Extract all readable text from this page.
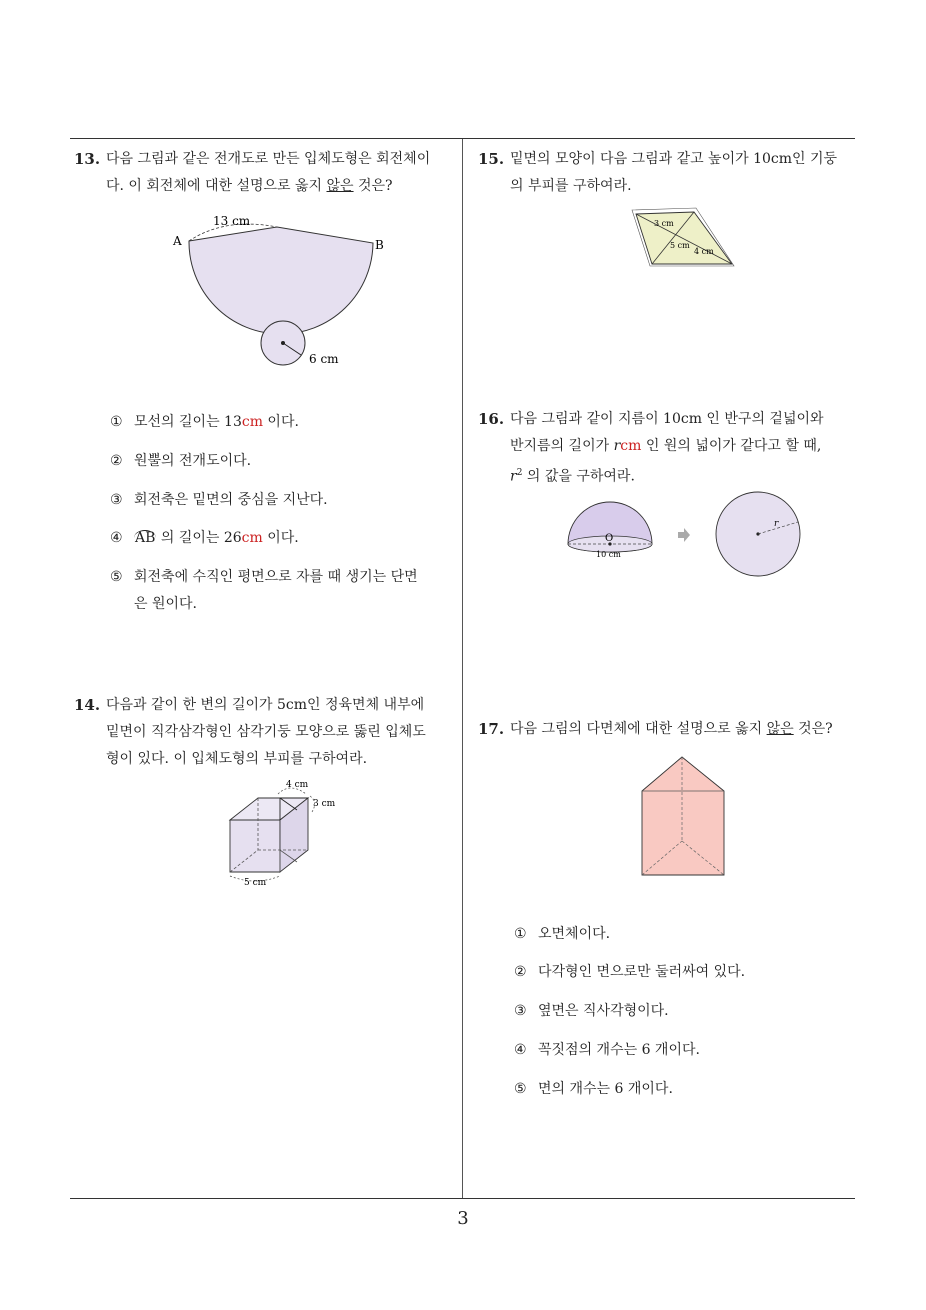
13. 다음 그림과 같은 전개도로 만든 입체도형은 회전체이
다. 이 회전체에 대한 설명으로 옳지 않은 것은?
13 cm
A	B
6 cm
① 모선의 길이는 13cm 이다.
② 원뿔의 전개도이다.
③ 회전축은 밑면의 중심을 지난다.
④ AB 의 길이는 26cm 이다.
⑤ 회전축에 수직인 평면으로 자를 때 생기는 단면
은 원이다.
14. 다음과 같이 한 변의 길이가 5cm인 정육면체 내부에
밑면이 직각삼각형인 삼각기둥 모양으로 뚫린 입체도
형이 있다. 이 입체도형의 부피를 구하여라.
4 cm
3 cm
5 cm
15. 밑면의 모양이 다음 그림과 같고 높이가 10cm인 기둥
의 부피를 구하여라.
3 cm
5 cm
4 cm
16. 다음 그림과 같이 지름이 10cm 인 반구의 겉넓이와
반지름의 길이가 rcm 인 원의 넓이가 같다고 할 때,
$r^2$ 의 값을 구하여라.
O
10 cm
r
17. 다음 그림의 다면체에 대한 설명으로 옳지 않은 것은?
① 오면체이다.
② 다각형인 면으로만 둘러싸여 있다.
③ 옆면은 직사각형이다.
④ 꼭짓점의 개수는 6 개이다.
⑤ 면의 개수는 6 개이다.
3
